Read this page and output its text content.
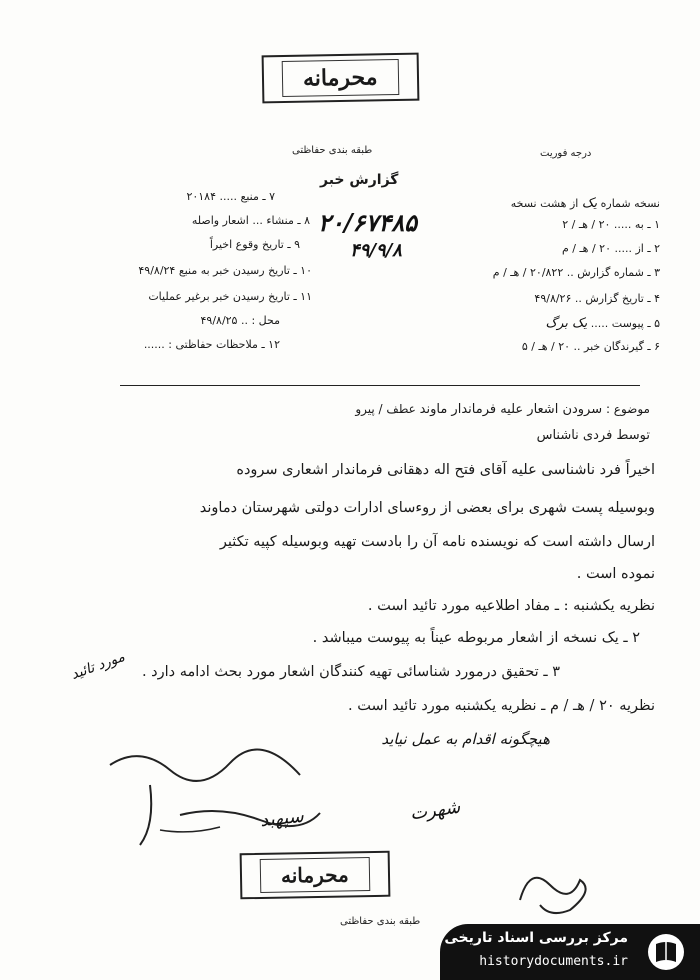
محرمانه
درجه فوریت
طبقه بندی حفاظتی
گزارش خبر
نسخه شماره یک از هشت نسخه
۱ ـ به ..... ۲۰ / هـ / ۲
۲ ـ از ..... ۲۰ / هـ / م
۳ ـ شماره گزارش .. ۲۰/۸۲۲ / هـ / م
۴ ـ تاریخ گزارش .. ۴۹/۸/۲۶
۵ ـ پیوست ..... یک برگ
۶ ـ گیرندگان خبر .. ۲۰ / هـ / ۵
۷ ـ منبع ..... ۲۰۱۸۴
۸ ـ منشاء ... اشعار واصله
۹ ـ تاریخ وقوع اخیراً
۱۰ ـ تاریخ رسیدن خبر به منبع ۴۹/۸/۲۴
۱۱ ـ تاریخ رسیدن خبر برغیر عملیات
محل : .. ۴۹/۸/۲۵
۱۲ ـ ملاحظات حفاظتی : ......
۲۰/۶۷۴۸۵
۴۹/۹/۸
موضوع : سرودن اشعار علیه فرماندار ماوند عطف / پیرو
توسط فردی ناشناس
اخیراً فرد ناشناسی علیه آقای فتح اله دهقانی فرماندار اشعاری سروده
وبوسیله پست شهری برای بعضی از روءسای ادارات دولتی شهرستان دماوند
ارسال داشته است که نویسنده نامه آن را بادست تهیه وبوسیله کپیه تکثیر
نموده است .
نظریه یکشنبه : ـ مفاد اطلاعیه مورد تائید است .
۲ ـ یک نسخه از اشعار مربوطه عیناً به پیوست میباشد .
۳ ـ تحقیق درمورد شناسائی تهیه کنندگان اشعار مورد بحث ادامه دارد .
نظریه ۲۰ / هـ / م ـ نظریه یکشنبه مورد تائید است .
مورد تائید
هیچگونه اقدام به عمل نیاید
سپهبد	شهرت
محرمانه
طبقه بندی حفاظتی
مرکز بررسی اسناد تاریخی
historydocuments.ir
